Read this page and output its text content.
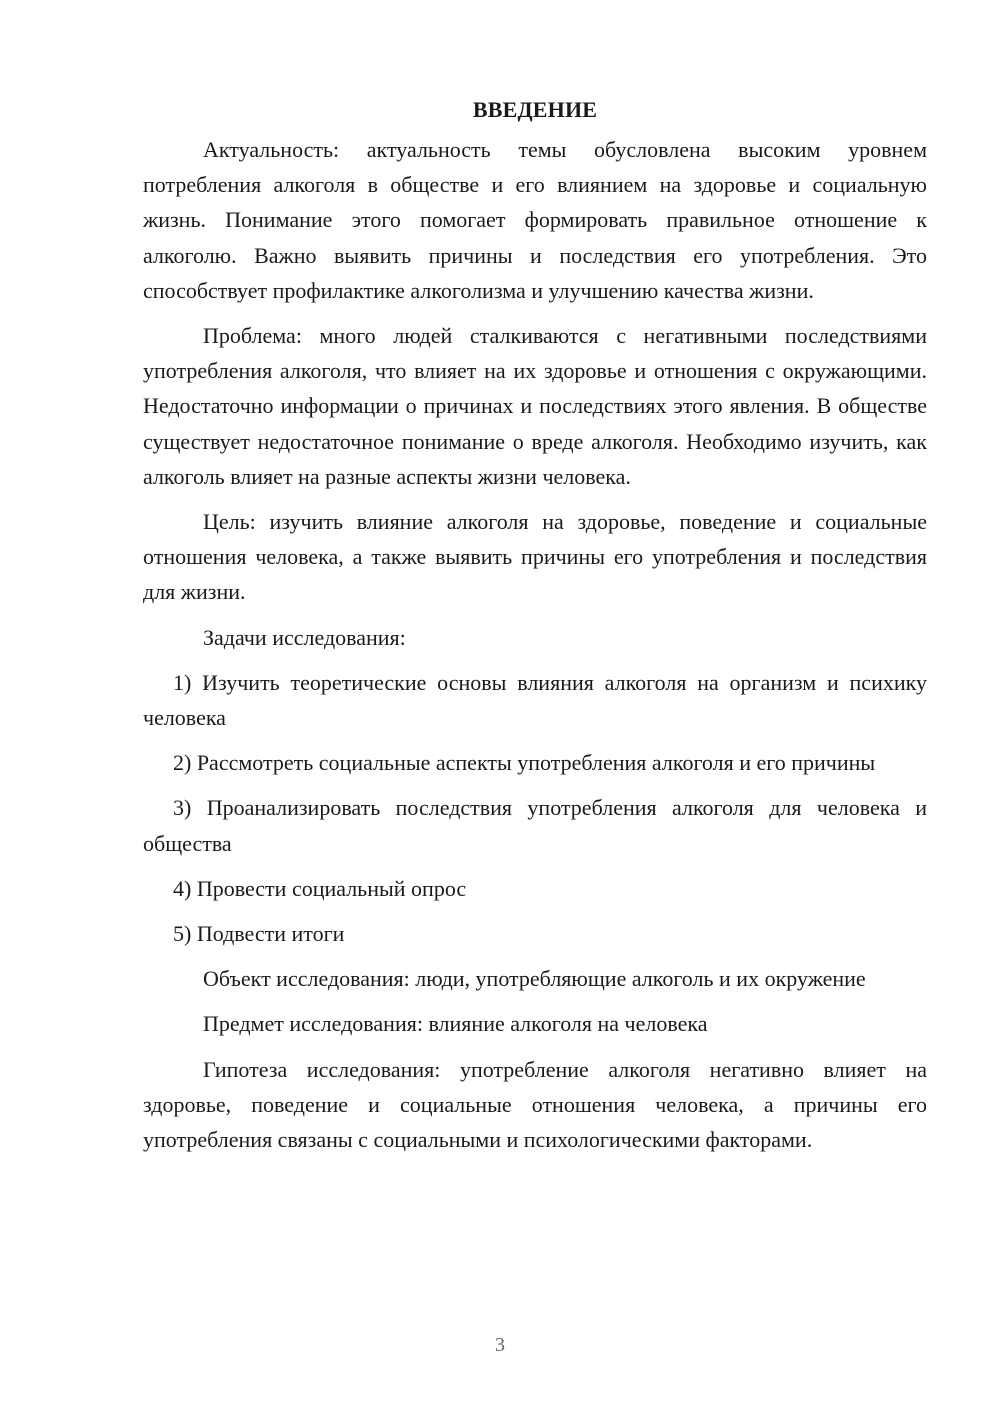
ВВЕДЕНИЕ

Актуальность: актуальность темы обусловлена высоким уровнем потребления алкоголя в обществе и его влиянием на здоровье и социальную жизнь. Понимание этого помогает формировать правильное отношение к алкоголю. Важно выявить причины и последствия его употребления. Это способствует профилактике алкоголизма и улучшению качества жизни.

Проблема: много людей сталкиваются с негативными последствиями употребления алкоголя, что влияет на их здоровье и отношения с окружающими. Недостаточно информации о причинах и последствиях этого явления. В обществе существует недостаточное понимание о вреде алкоголя. Необходимо изучить, как алкоголь влияет на разные аспекты жизни человека.

Цель: изучить влияние алкоголя на здоровье, поведение и социальные отношения человека, а также выявить причины его употребления и последствия для жизни.

Задачи исследования:

1) Изучить теоретические основы влияния алкоголя на организм и психику человека

2) Рассмотреть социальные аспекты употребления алкоголя и его причины

3) Проанализировать последствия употребления алкоголя для человека и общества

4) Провести социальный опрос

5) Подвести итоги

Объект исследования: люди, употребляющие алкоголь и их окружение

Предмет исследования: влияние алкоголя на человека

Гипотеза исследования: употребление алкоголя негативно влияет на здоровье, поведение и социальные отношения человека, а причины его употребления связаны с социальными и психологическими факторами.

3
